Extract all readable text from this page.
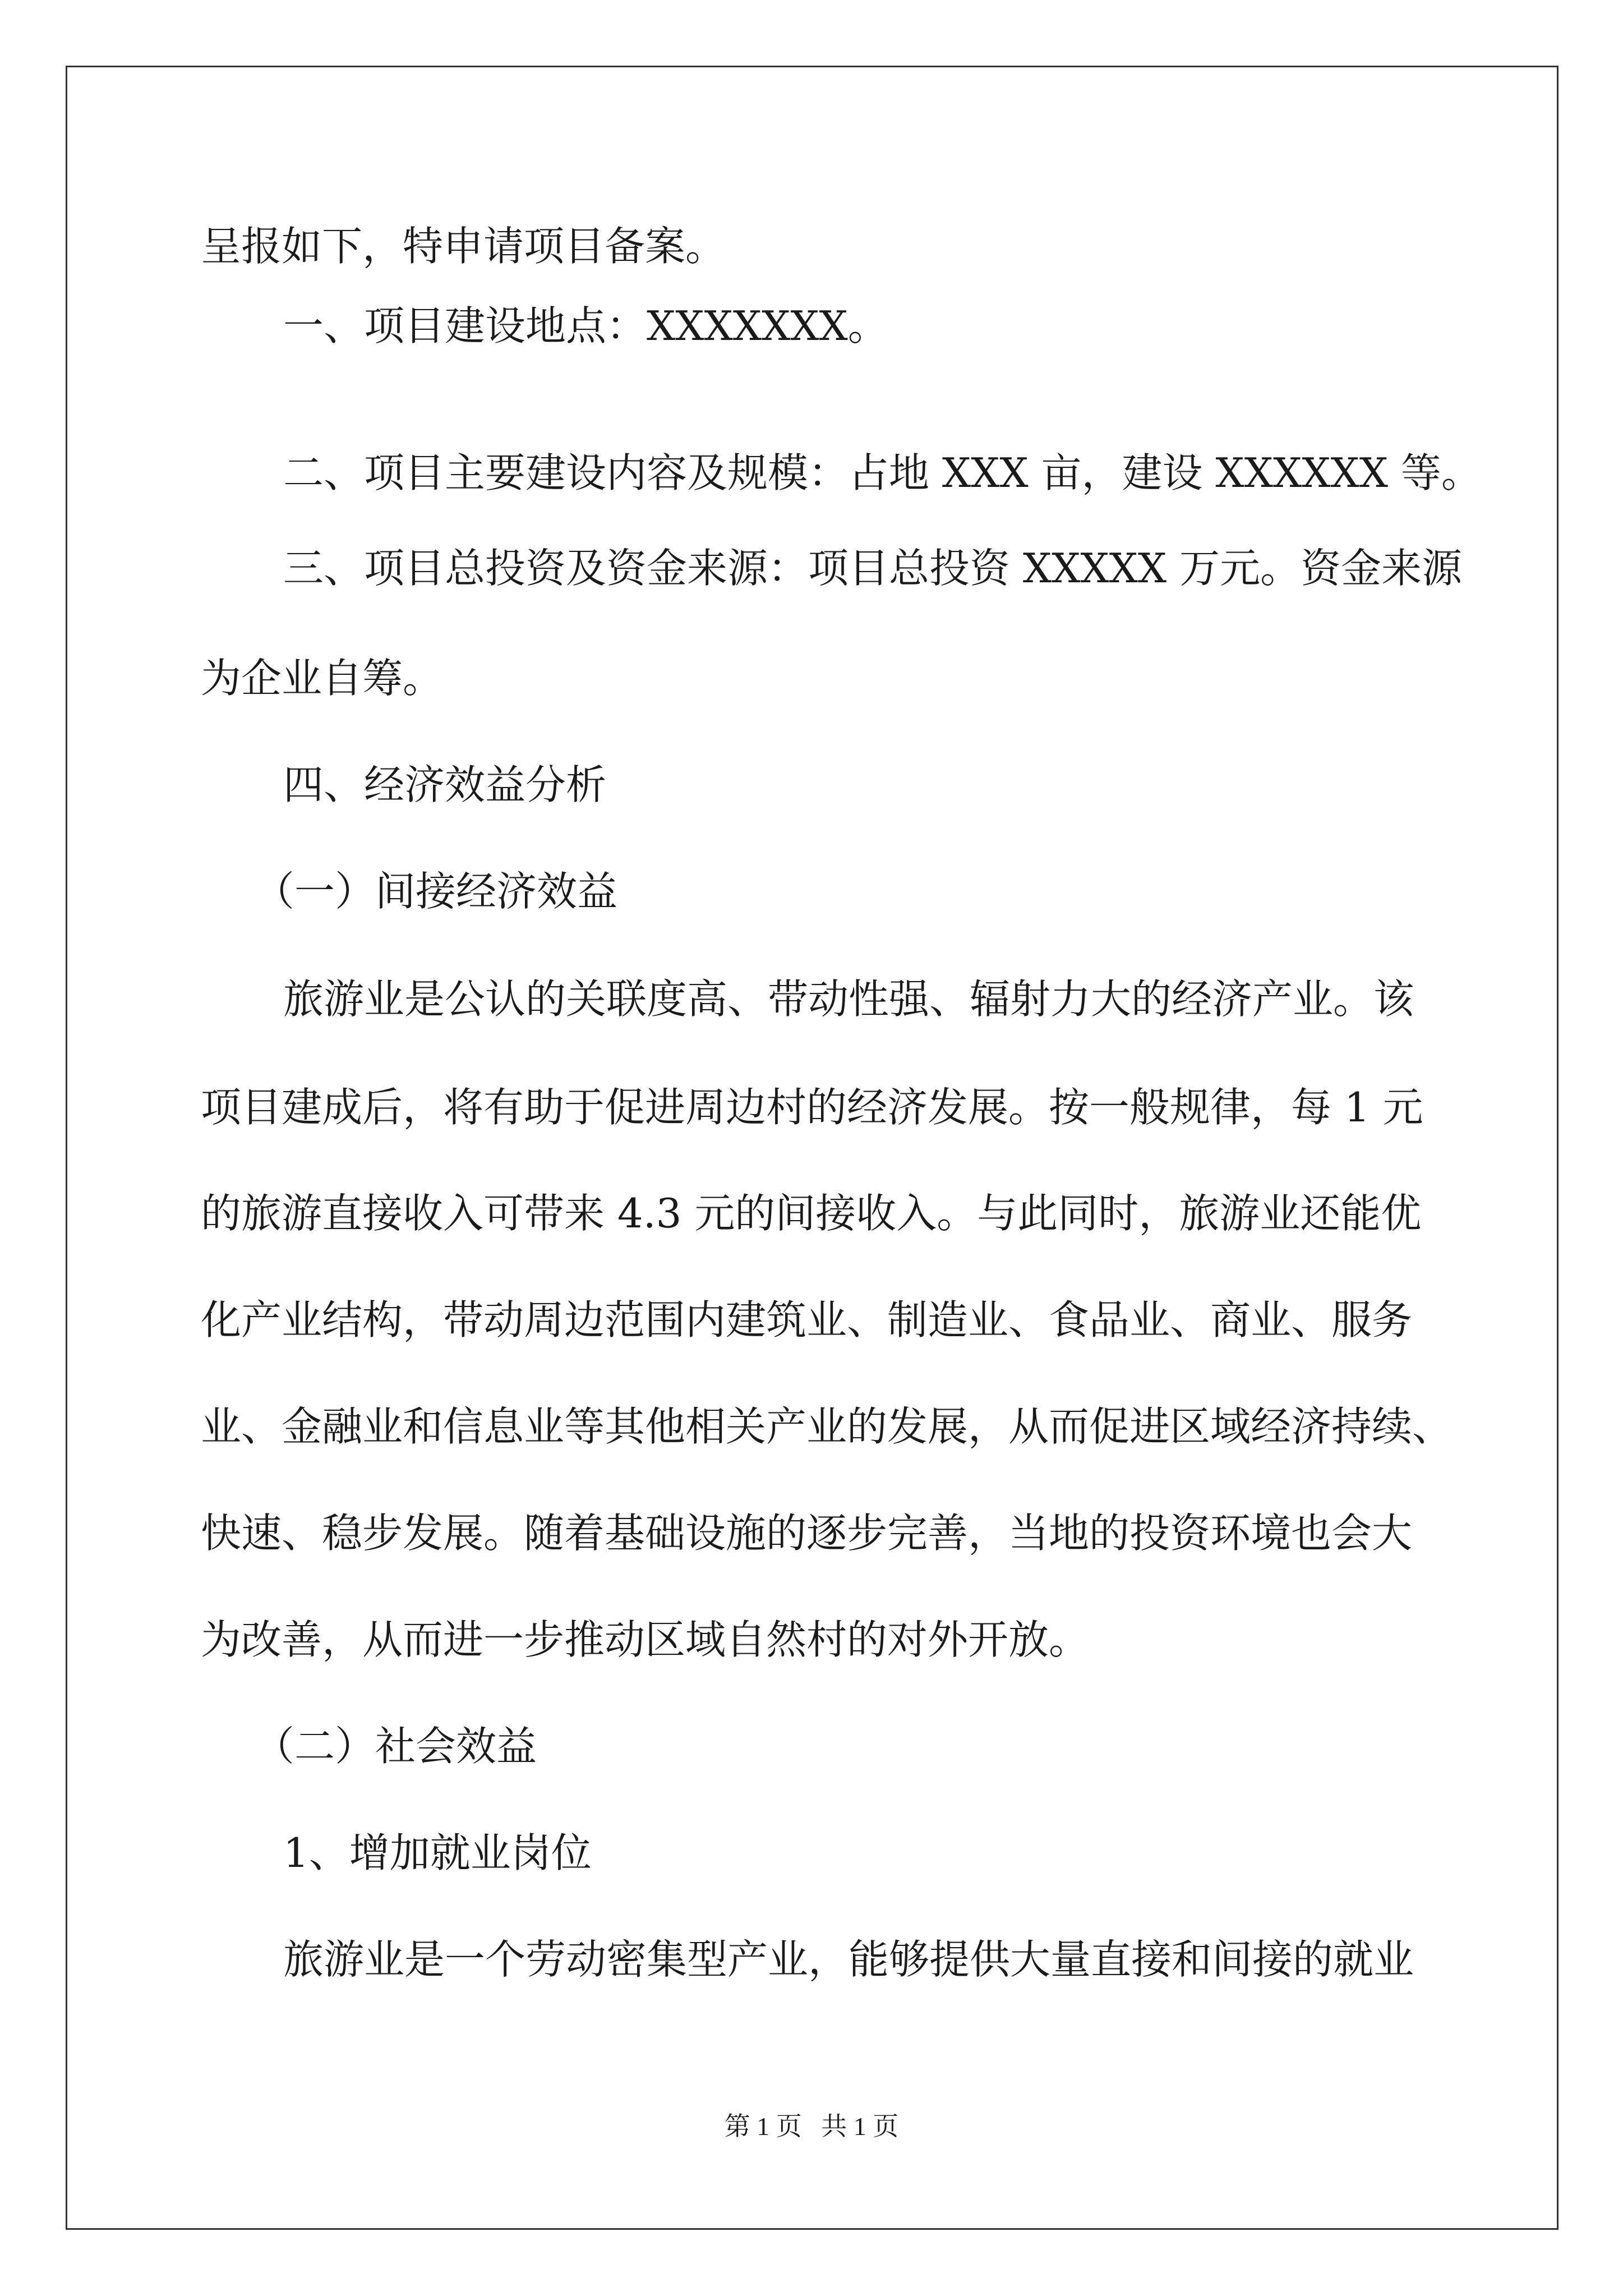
呈报如下，特申请项目备案。
一、项目建设地点：XXXXXXX。
二、项目主要建设内容及规模：占地 XXX 亩，建设 XXXXXX 等。
三、项目总投资及资金来源：项目总投资 XXXXX 万元。资金来源
为企业自筹。
四、经济效益分析
（一）间接经济效益
旅游业是公认的关联度高、带动性强、辐射力大的经济产业。该
项目建成后，将有助于促进周边村的经济发展。按一般规律，每 1 元
的旅游直接收入可带来 4.3 元的间接收入。与此同时，旅游业还能优
化产业结构，带动周边范围内建筑业、制造业、食品业、商业、服务
业、金融业和信息业等其他相关产业的发展，从而促进区域经济持续、
快速、稳步发展。随着基础设施的逐步完善，当地的投资环境也会大
为改善，从而进一步推动区域自然村的对外开放。
（二）社会效益
1、增加就业岗位
旅游业是一个劳动密集型产业，能够提供大量直接和间接的就业
第 1 页   共 1 页
